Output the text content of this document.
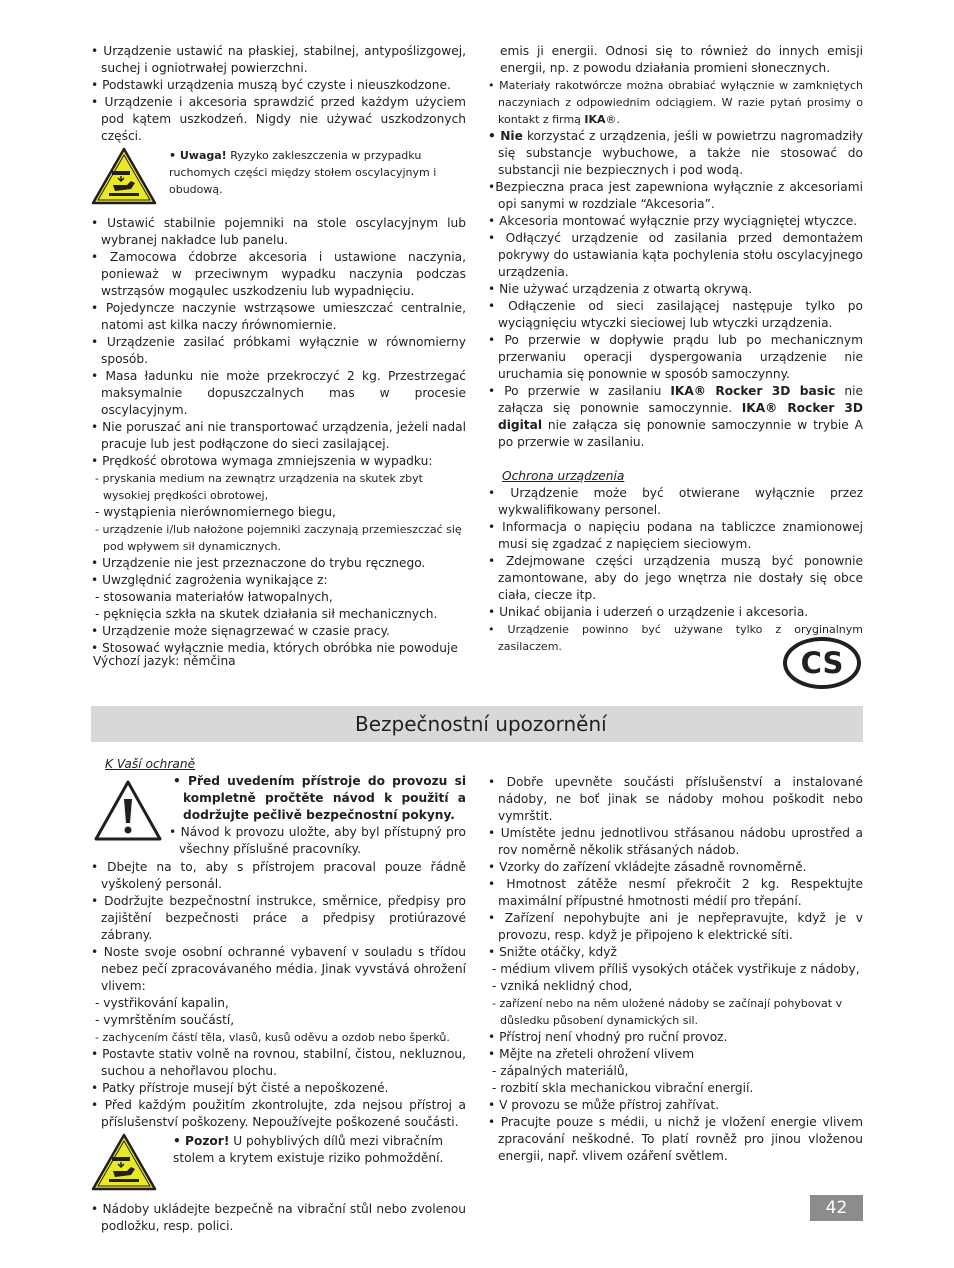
• Urządzenie ustawić na płaskiej, stabilnej, antypoślizgowej, suchej i ogniotrwałej powierzchni.

• Podstawki urządzenia muszą być czyste i nieuszkodzone.

• Urządzenie i akcesoria sprawdzić przed każdym użyciem pod kątem uszkodzeń. Nigdy nie używać uszkodzonych części.

• Uwaga! Ryzyko zakleszczenia w przypadku ruchomych części między stołem oscylacyjnym i obudową.

• Ustawić stabilnie pojemniki na stole oscylacyjnym lub wybranej nakładce lub panelu.

• Zamocowa ćdobrze akcesoria i ustawione naczynia, ponieważ w przeciwnym wypadku naczynia podczas wstrząsów mogąulec uszkodzeniu lub wypadnięciu.

• Pojedyncze naczynie wstrząsowe umieszczać centralnie, natomi ast kilka naczy ńrównomiernie.

• Urządzenie zasilać próbkami wyłącznie w równomierny sposób.

• Masa ładunku nie może przekroczyć 2 kg. Przestrzegać maksymalnie dopuszczalnych mas w procesie oscylacyjnym.

• Nie poruszać ani nie transportować urządzenia, jeżeli nadal pracuje lub jest podłączone do sieci zasilającej.

• Prędkość obrotowa wymaga zmniejszenia w wypadku:

- pryskania medium na zewnątrz urządzenia na skutek zbyt wysokiej prędkości obrotowej,

- wystąpienia nierównomiernego biegu,

- urządzenie i/lub nałożone pojemniki zaczynają przemieszczać się pod wpływem sił dynamicznych.

• Urządzenie nie jest przeznaczone do trybu ręcznego.

• Uwzględnić zagrożenia wynikające z:

- stosowania materiałów łatwopalnych,

- pęknięcia szkła na skutek działania sił mechanicznych.

• Urządzenie może sięnagrzewać w czasie pracy.

• Stosować wyłącznie media, których obróbka nie powoduje

emis ji energii. Odnosi się to również do innych emisji energii, np. z powodu działania promieni słonecznych.

• Materiały rakotwórcze można obrabiać wyłącznie w zamkniętych naczyniach z odpowiednim odciągiem. W razie pytań prosimy o kontakt z firmą IKA®.

• Nie korzystać z urządzenia, jeśli w powietrzu nagromadziły się substancje wybuchowe, a także nie stosować do substancji nie bezpiecznych i pod wodą.

•Bezpieczna praca jest zapewniona wyłącznie z akcesoriami opi sanymi w rozdziale “Akcesoria”.

• Akcesoria montować wyłącznie przy wyciągniętej wtyczce.

• Odłączyć urządzenie od zasilania przed demontażem pokrywy do ustawiania kąta pochylenia stołu oscylacyjnego urządzenia.

• Nie używać urządzenia z otwartą okrywą.

• Odłączenie od sieci zasilającej następuje tylko po wyciągnięciu wtyczki sieciowej lub wtyczki urządzenia.

• Po przerwie w dopływie prądu lub po mechanicznym przerwaniu operacji dyspergowania urządzenie nie uruchamia się ponownie w sposób samoczynny.

• Po przerwie w zasilaniu IKA® Rocker 3D basic nie załącza się ponownie samoczynnie. IKA® Rocker 3D digital nie załącza się ponownie samoczynnie w trybie A po przerwie w zasilaniu.

Ochrona urządzenia

• Urządzenie może być otwierane wyłącznie przez wykwalifikowany personel.

• Informacja o napięciu podana na tabliczce znamionowej musi się zgadzać z napięciem sieciowym.

• Zdejmowane części urządzenia muszą być ponownie zamontowane, aby do jego wnętrza nie dostały się obce ciała, ciecze itp.

• Unikać obijania i uderzeń o urządzenie i akcesoria.

• Urządzenie powinno być używane tylko z oryginalnym zasilaczem.

Výchozí jazyk: němčina	CS
Bezpečnostní upozornění

K Vaší ochraně

• Před uvedením přístroje do provozu si kompletně pročtěte návod k použití a dodržujte pečlivě bezpečnostní pokyny.

• Návod k provozu uložte, aby byl přístupný pro všechny příslušné pracovníky.

• Dbejte na to, aby s přístrojem pracoval pouze řádně vyškolený personál.

• Dodržujte bezpečnostní instrukce, směrnice, předpisy pro zajištění bezpečnosti práce a předpisy protiúrazové zábrany.

• Noste svoje osobní ochranné vybavení v souladu s třídou nebez pečí zpracovávaného média. Jinak vyvstává ohrožení vlivem:

- vystřikování kapalin,

- vymrštěním součástí,

- zachycením částí těla, vlasů, kusů oděvu a ozdob nebo šperků.

• Postavte stativ volně na rovnou, stabilní, čistou, nekluznou, suchou a nehořlavou plochu.

• Patky přístroje musejí být čisté a nepoškozené.

• Před každým použitím zkontrolujte, zda nejsou přístroj a příslušenství poškozeny. Nepoužívejte poškozené součásti.

• Pozor! U pohyblivých dílů mezi vibračním stolem a krytem existuje riziko pohmoždění.

• Nádoby ukládejte bezpečně na vibrační stůl nebo zvolenou podložku, resp. polici.

• Dobře upevněte součásti příslušenství a instalované nádoby, ne boť jinak se nádoby mohou poškodit nebo vymrštit.

• Umístěte jednu jednotlivou střásanou nádobu uprostřed a rov noměrně několik střásaných nádob.

• Vzorky do zařízení vkládejte zásadně rovnoměrně.

• Hmotnost zátěže nesmí překročit 2 kg. Respektujte maximální přípustné hmotnosti médií pro třepání.

• Zařízení nepohybujte ani je nepřepravujte, když je v provozu, resp. když je připojeno k elektrické síti.

• Snižte otáčky, když

- médium vlivem příliš vysokých otáček vystřikuje z nádoby,

- vzniká neklidný chod,

- zařízení nebo na něm uložené nádoby se začínají pohybovat v důsledku působení dynamických sil.

• Přístroj není vhodný pro ruční provoz.

• Mějte na zřeteli ohrožení vlivem

- zápalných materiálů,

- rozbití skla mechanickou vibrační energií.

• V provozu se může přístroj zahřívat.

• Pracujte pouze s médii, u nichž je vložení energie vlivem zpracování neškodné. To platí rovněž pro jinou vloženou energii, např. vlivem ozáření světlem.

42
